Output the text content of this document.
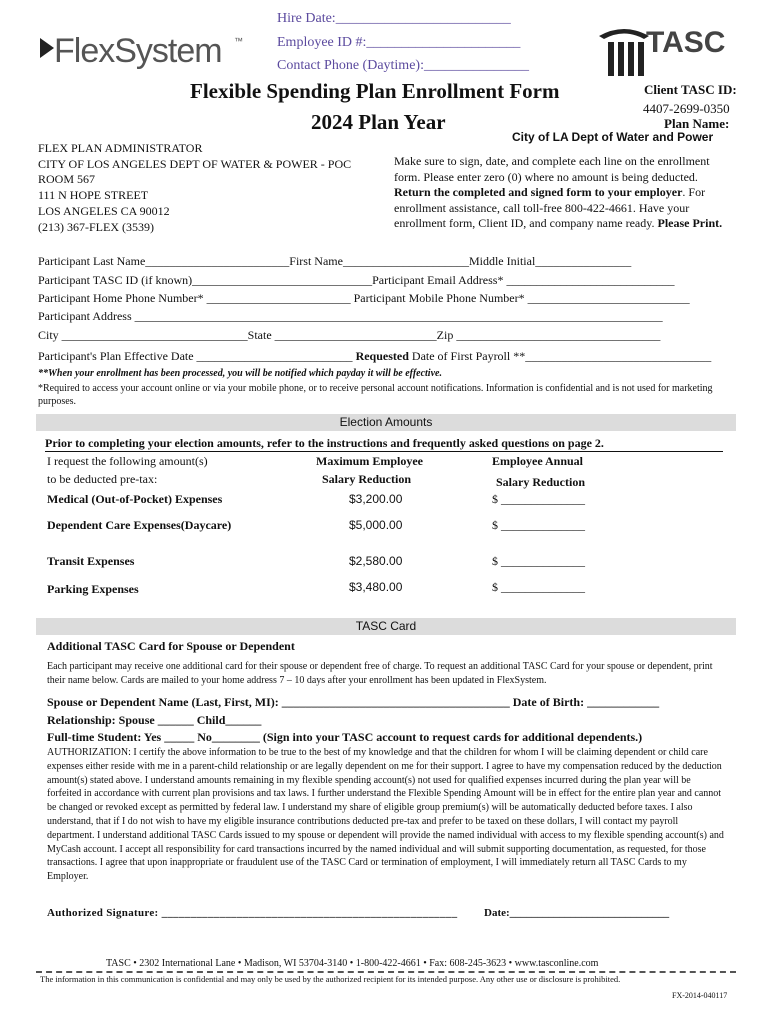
FlexSystem ™
Hire Date:_________________________
Employee ID #:______________________
Contact Phone (Daytime):_______________
TASC
Flexible Spending Plan Enrollment Form
2024 Plan Year
Client TASC ID:
4407-2699-0350
Plan Name:
City of LA Dept of Water and Power
FLEX PLAN ADMINISTRATOR
CITY OF LOS ANGELES DEPT OF WATER & POWER - POC
ROOM 567
111 N HOPE STREET
LOS ANGELES CA 90012
(213) 367-FLEX (3539)
Make sure to sign, date, and complete each line on the enrollment form. Please enter zero (0) where no amount is being deducted. Return the completed and signed form to your employer. For enrollment assistance, call toll-free 800-422-4661. Have your enrollment form, Client ID, and company name ready. Please Print.
Participant Last Name________________________First Name_____________________Middle Initial________________
Participant TASC ID (if known)______________________________Participant Email Address* ____________________________
Participant Home Phone Number* ________________________ Participant Mobile Phone Number* ___________________________
Participant Address ________________________________________________________________________________________
City _______________________________State ___________________________Zip __________________________________
Participant's Plan Effective Date __________________________ Requested Date of First Payroll **_______________________________
**When your enrollment has been processed, you will be notified which payday it will be effective.
*Required to access your account online or via your mobile phone, or to receive personal account notifications. Information is confidential and is not used for marketing purposes.
Election Amounts
Prior to completing your election amounts, refer to the instructions and frequently asked questions on page 2.
I request the following amount(s)
to be deducted pre-tax:
Maximum Employee
Salary Reduction
Employee Annual
Salary Reduction
Medical (Out-of-Pocket) Expenses	$3,200.00	$ ______________
Dependent Care Expenses(Daycare)	$5,000.00	$ ______________
Transit Expenses	$2,580.00	$ ______________
Parking Expenses	$3,480.00	$ ______________
TASC Card
Additional TASC Card for Spouse or Dependent
Each participant may receive one additional card for their spouse or dependent free of charge. To request an additional TASC Card for your spouse or dependent, print their name below. Cards are mailed to your home address 7 – 10 days after your enrollment has been updated in FlexSystem.
Spouse or Dependent Name (Last, First, MI): ______________________________________ Date of Birth: ____________
Relationship: Spouse ______ Child______
Full-time Student: Yes _____ No________ (Sign into your TASC account to request cards for additional dependents.)
AUTHORIZATION: I certify the above information to be true to the best of my knowledge and that the children for whom I will be claiming dependent or child care expenses either reside with me in a parent-child relationship or are legally dependent on me for their support. I agree to have my compensation reduced by the deduction amount(s) stated above. I understand amounts remaining in my flexible spending account(s) not used for qualified expenses incurred during the plan year will be forfeited in accordance with current plan provisions and tax laws. I further understand the Flexible Spending Amount will be in effect for the entire plan year and cannot be changed or revoked except as permitted by federal law. I understand my share of eligible group premium(s) will be automatically deducted before taxes. I also understand, that if I do not wish to have my eligible insurance contributions deducted pre-tax and prefer to be taxed on these dollars, I will contact my payroll department. I understand additional TASC Cards issued to my spouse or dependent will provide the named individual with access to my flexible spending account(s) and MyCash account. I accept all responsibility for card transactions incurred by the named individual and will submit supporting documentation, as requested, for those transactions. I agree that upon inappropriate or fraudulent use of the TASC Card or termination of employment, I will immediately return all TASC Cards to my Employer.
Authorized Signature: ___________________________________________________ Date:_____________________________
TASC • 2302 International Lane • Madison, WI 53704-3140 • 1-800-422-4661 • Fax: 608-245-3623 • www.tasconline.com
The information in this communication is confidential and may only be used by the authorized recipient for its intended purpose. Any other use or disclosure is prohibited.
FX-2014-040117
